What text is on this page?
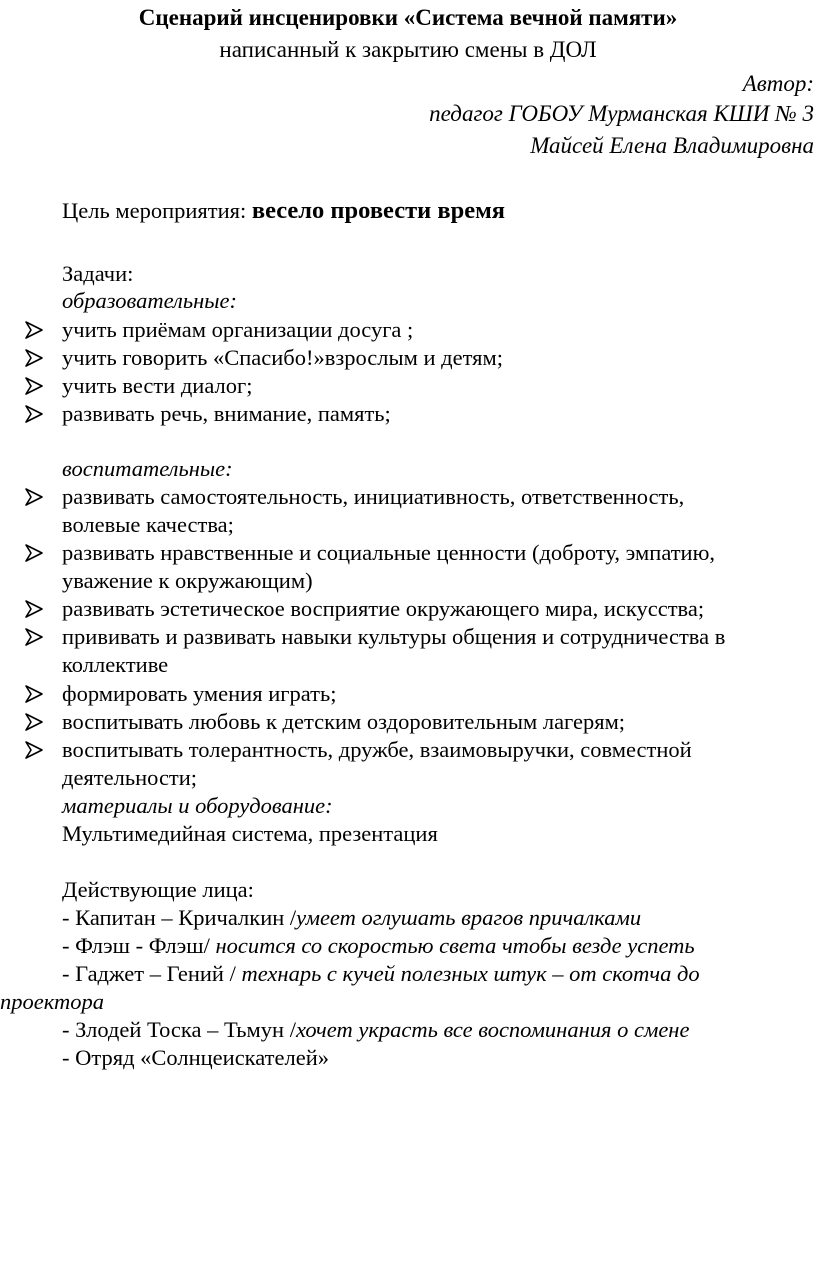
Сценарий инсценировки «Система вечной памяти»
написанный к закрытию смены в ДОЛ
Автор:
педагог ГОБОУ Мурманская КШИ № 3
Майсей Елена Владимировна
Цель мероприятия: весело провести время
Задачи:
образовательные:
учить приёмам организации досуга ;
учить говорить «Спасибо!»взрослым и детям;
учить вести диалог;
развивать речь, внимание, память;
воспитательные:
развивать самостоятельность, инициативность, ответственность,
волевые качества;
развивать нравственные и социальные ценности (доброту, эмпатию,
уважение к окружающим)
развивать эстетическое восприятие окружающего мира, искусства;
прививать и развивать навыки культуры общения и сотрудничества в
коллективе
формировать умения играть;
воспитывать любовь к детским оздоровительным лагерям;
воспитывать толерантность, дружбе, взаимовыручки, совместной
деятельности;
материалы и оборудование:
Мультимедийная система, презентация
Действующие лица:
- Капитан – Кричалкин /умеет оглушать врагов причалками
- Флэш - Флэш/ носится со скоростью света чтобы везде успеть
- Гаджет – Гений / технарь с кучей полезных штук – от скотча до
проектора
- Злодей Тоска – Тьмун /хочет украсть все воспоминания о смене
- Отряд «Солнцеискателей»
